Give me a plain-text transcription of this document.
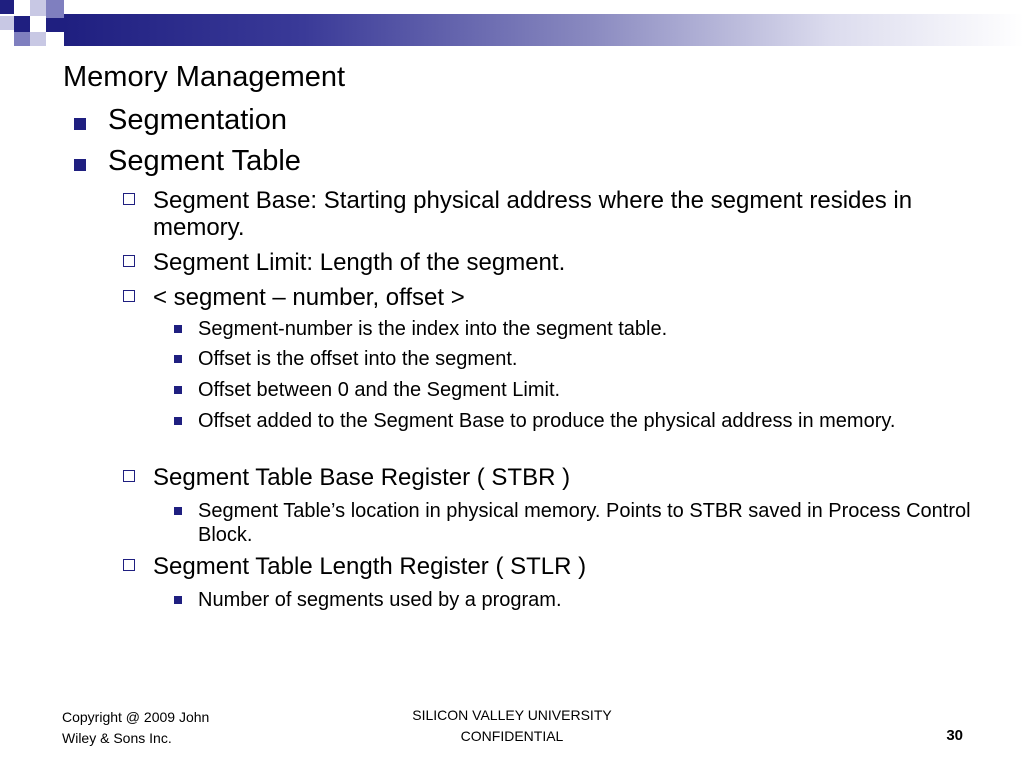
Memory Management
Segmentation
Segment Table
Segment Base: Starting physical address where the segment resides in memory.
Segment Limit: Length of the segment.
< segment – number, offset >
Segment-number is the index into the segment table.
Offset is the offset into the segment.
Offset between 0 and the Segment Limit.
Offset added to the Segment Base to produce the physical address in memory.
Segment Table Base Register ( STBR )
Segment Table’s location in physical memory. Points to STBR saved in Process Control Block.
Segment Table Length Register ( STLR )
Number of segments used by a program.
Copyright @ 2009 John
Wiley & Sons Inc.
SILICON VALLEY UNIVERSITY
CONFIDENTIAL	30
